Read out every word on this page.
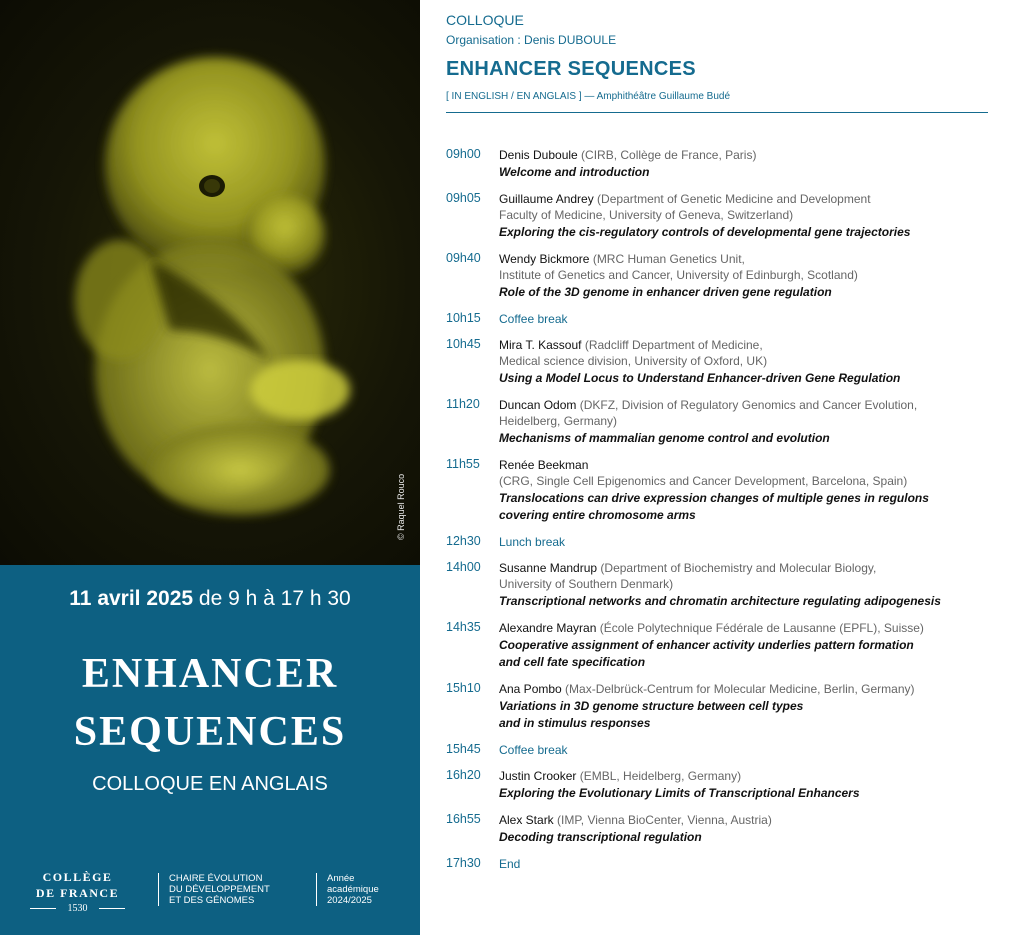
© Raquel Rouco
11 avril 2025 de 9 h à 17 h 30
ENHANCER
SEQUENCES
COLLOQUE EN ANGLAIS
COLLÈGE
DE FRANCE
1530
CHAIRE ÉVOLUTION
DU DÉVELOPPEMENT
ET DES GÉNOMES
Année
académique
2024/2025
COLLOQUE
Organisation : Denis DUBOULE
ENHANCER SEQUENCES
[ IN ENGLISH / EN ANGLAIS ] — Amphithéâtre Guillaume Budé
09h00	Denis Duboule (CIRB, Collège de France, Paris)
Welcome and introduction
09h05	Guillaume Andrey (Department of Genetic Medicine and Development
Faculty of Medicine, University of Geneva, Switzerland)
Exploring the cis-regulatory controls of developmental gene trajectories
09h40	Wendy Bickmore (MRC Human Genetics Unit,
Institute of Genetics and Cancer, University of Edinburgh, Scotland)
Role of the 3D genome in enhancer driven gene regulation
10h15	Coffee break
10h45	Mira T. Kassouf (Radcliff Department of Medicine,
Medical science division, University of Oxford, UK)
Using a Model Locus to Understand Enhancer-driven Gene Regulation
11h20	Duncan Odom (DKFZ, Division of Regulatory Genomics and Cancer Evolution,
Heidelberg, Germany)
Mechanisms of mammalian genome control and evolution
11h55	Renée Beekman
(CRG, Single Cell Epigenomics and Cancer Development, Barcelona, Spain)
Translocations can drive expression changes of multiple genes in regulons
covering entire chromosome arms
12h30	Lunch break
14h00	Susanne Mandrup (Department of Biochemistry and Molecular Biology,
University of Southern Denmark)
Transcriptional networks and chromatin architecture regulating adipogenesis
14h35	Alexandre Mayran (École Polytechnique Fédérale de Lausanne (EPFL), Suisse)
Cooperative assignment of enhancer activity underlies pattern formation
and cell fate specification
15h10	Ana Pombo (Max-Delbrück-Centrum for Molecular Medicine, Berlin, Germany)
Variations in 3D genome structure between cell types
and in stimulus responses
15h45	Coffee break
16h20	Justin Crooker (EMBL, Heidelberg, Germany)
Exploring the Evolutionary Limits of Transcriptional Enhancers
16h55	Alex Stark (IMP, Vienna BioCenter, Vienna, Austria)
Decoding transcriptional regulation
17h30	End
